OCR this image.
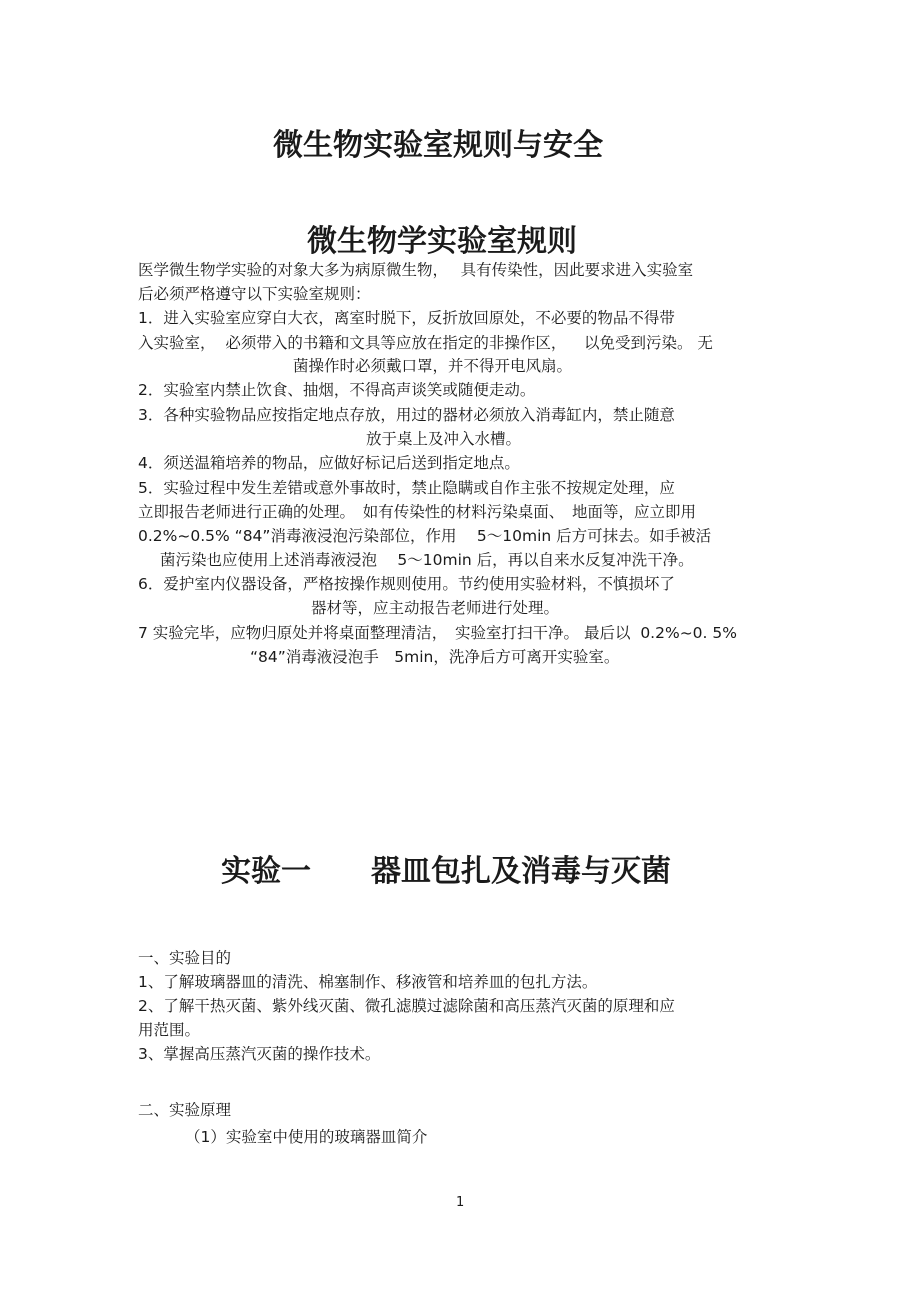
微生物实验室规则与安全
微生物学实验室规则

医学微生物学实验的对象大多为病原微生物，　 具有传染性，因此要求进入实验室

后必须严格遵守以下实验室规则：

1．进入实验室应穿白大衣，离室时脱下，反折放回原处，不必要的物品不得带

入实验室，  必须带入的书籍和文具等应放在指定的非操作区，　  以免受到污染。 无

菌操作时必须戴口罩，并不得开电风扇。

2．实验室内禁止饮食、抽烟，不得高声谈笑或随便走动。

3．各种实验物品应按指定地点存放，用过的器材必须放入消毒缸内，禁止随意

放于桌上及冲入水槽。

4．须送温箱培养的物品，应做好标记后送到指定地点。

5．实验过程中发生差错或意外事故时，禁止隐瞒或自作主张不按规定处理，应

立即报告老师进行正确的处理。　如有传染性的材料污染桌面、　地面等，应立即用

0.2%~0.5% “84”消毒液浸泡污染部位，作用　 5～10min 后方可抹去。如手被活

菌污染也应使用上述消毒液浸泡　 5～10min 后，再以自来水反复冲洗干净。

6．爱护室内仪器设备，严格按操作规则使用。节约使用实验材料，不慎损坏了

器材等，应主动报告老师进行处理。

7 实验完毕，应物归原处并将桌面整理清洁，　实验室打扫干净。 最后以  0.2%~0. 5%

“84”消毒液浸泡手　5min，洗净后方可离开实验室。

实验一　　器皿包扎及消毒与灭菌

一、实验目的

1、了解玻璃器皿的清洗、棉塞制作、移液管和培养皿的包扎方法。

2、了解干热灭菌、紫外线灭菌、微孔滤膜过滤除菌和高压蒸汽灭菌的原理和应

用范围。

3、掌握高压蒸汽灭菌的操作技术。

二、实验原理

（1）实验室中使用的玻璃器皿简介

1
